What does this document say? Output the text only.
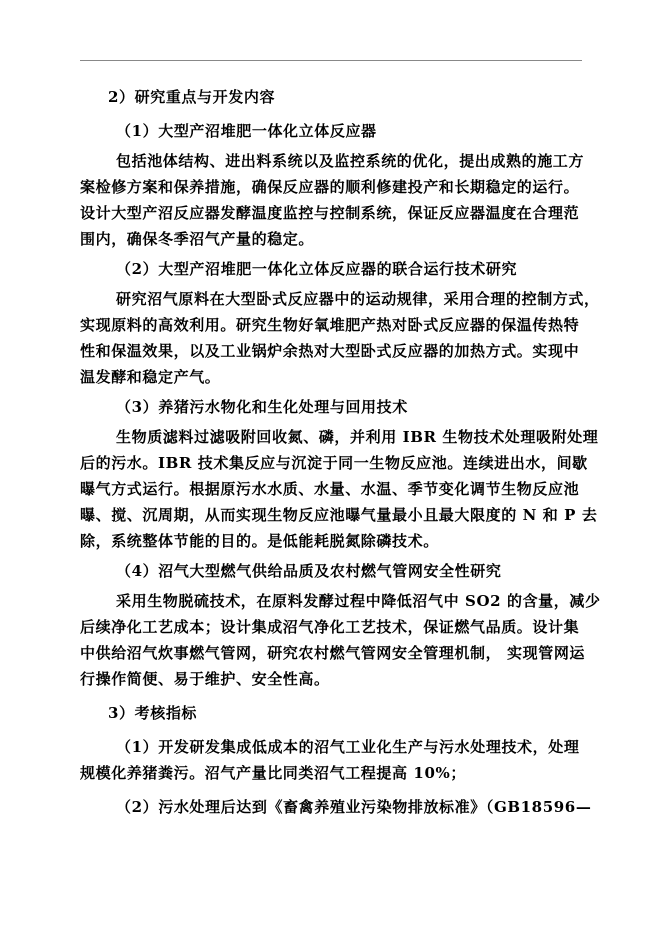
2）研究重点与开发内容
（1）大型产沼堆肥一体化立体反应器
包括池体结构、进出料系统以及监控系统的优化，提出成熟的施工方
案检修方案和保养措施，确保反应器的顺利修建投产和长期稳定的运行。
设计大型产沼反应器发酵温度监控与控制系统，保证反应器温度在合理范
围内，确保冬季沼气产量的稳定。
（2）大型产沼堆肥一体化立体反应器的联合运行技术研究
研究沼气原料在大型卧式反应器中的运动规律，采用合理的控制方式，
实现原料的高效利用。研究生物好氧堆肥产热对卧式反应器的保温传热特
性和保温效果，以及工业锅炉余热对大型卧式反应器的加热方式。实现中
温发酵和稳定产气。
（3）养猪污水物化和生化处理与回用技术
生物质滤料过滤吸附回收氮、磷，并利用 IBR 生物技术处理吸附处理
后的污水。IBR 技术集反应与沉淀于同一生物反应池。连续进出水，间歇
曝气方式运行。根据原污水水质、水量、水温、季节变化调节生物反应池
曝、搅、沉周期，从而实现生物反应池曝气量最小且最大限度的 N 和 P 去
除，系统整体节能的目的。是低能耗脱氮除磷技术。
（4）沼气大型燃气供给品质及农村燃气管网安全性研究
采用生物脱硫技术，在原料发酵过程中降低沼气中 SO2 的含量，减少
后续净化工艺成本；设计集成沼气净化工艺技术，保证燃气品质。设计集
中供给沼气炊事燃气管网，研究农村燃气管网安全管理机制， 实现管网运
行操作简便、易于维护、安全性高。
3）考核指标
（1）开发研发集成低成本的沼气工业化生产与污水处理技术，处理
规模化养猪粪污。沼气产量比同类沼气工程提高 10%；
（2）污水处理后达到《畜禽养殖业污染物排放标准》（GB18596—
